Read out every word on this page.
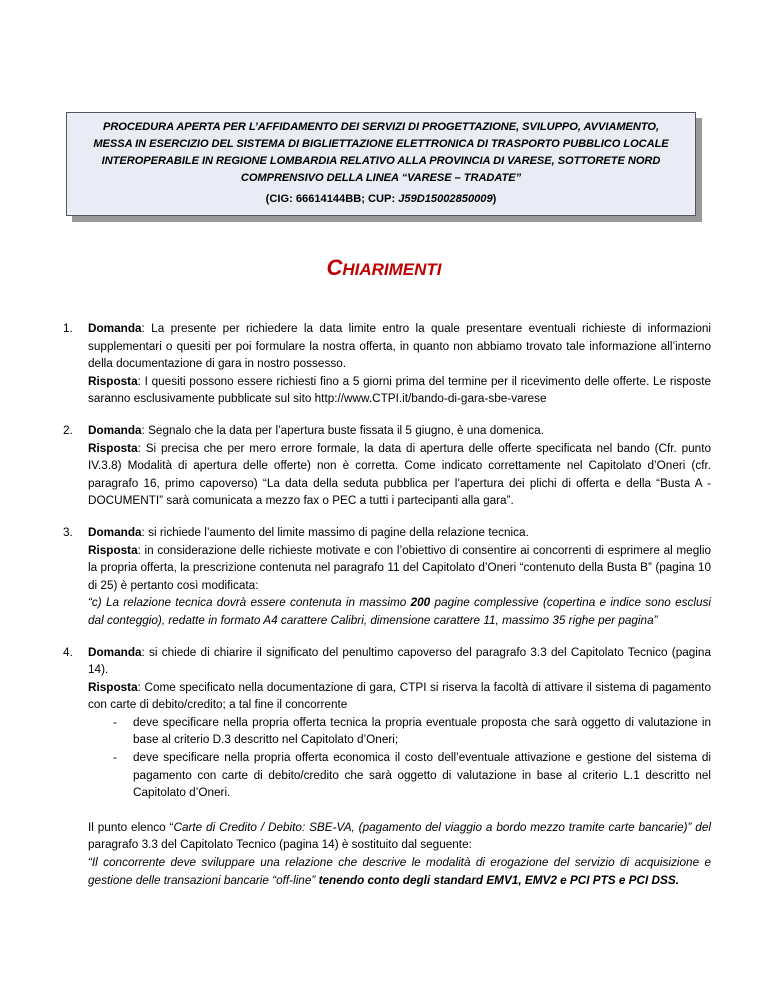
PROCEDURA APERTA PER L’AFFIDAMENTO DEI SERVIZI DI PROGETTAZIONE, SVILUPPO, AVVIAMENTO,
MESSA IN ESERCIZIO DEL SISTEMA DI BIGLIETTAZIONE ELETTRONICA DI TRASPORTO PUBBLICO LOCALE
INTEROPERABILE IN REGIONE LOMBARDIA RELATIVO ALLA PROVINCIA DI VARESE, SOTTORETE NORD
COMPRENSIVO DELLA LINEA “VARESE – TRADATE”
(CIG: 66614144BB; CUP: J59D15002850009)
CHIARIMENTI
1. Domanda: La presente per richiedere la data limite entro la quale presentare eventuali richieste di informazioni supplementari o quesiti per poi formulare la nostra offerta, in quanto non abbiamo trovato tale informazione all’interno della documentazione di gara in nostro possesso.

Risposta: I quesiti possono essere richiesti fino a 5 giorni prima del termine per il ricevimento delle offerte. Le risposte saranno esclusivamente pubblicate sul sito http://www.CTPI.it/bando-di-gara-sbe-varese

2. Domanda: Segnalo che la data per l’apertura buste fissata il 5 giugno, è una domenica.

Risposta: Si precisa che per mero errore formale, la data di apertura delle offerte specificata nel bando (Cfr. punto IV.3.8) Modalità di apertura delle offerte) non è corretta. Come indicato correttamente nel Capitolato d’Oneri (cfr. paragrafo 16, primo capoverso) “La data della seduta pubblica per l’apertura dei plichi di offerta e della “Busta A - DOCUMENTI” sarà comunicata a mezzo fax o PEC a tutti i partecipanti alla gara”.

3. Domanda: si richiede l’aumento del limite massimo di pagine della relazione tecnica.

Risposta: in considerazione delle richieste motivate e con l’obiettivo di consentire ai concorrenti di esprimere al meglio la propria offerta, la prescrizione contenuta nel paragrafo 11 del Capitolato d’Oneri “contenuto della Busta B” (pagina 10 di 25) è pertanto così modificata:

“c) La relazione tecnica dovrà essere contenuta in massimo 200 pagine complessive (copertina e indice sono esclusi dal conteggio), redatte in formato A4 carattere Calibri, dimensione carattere 11, massimo 35 righe per pagina”

4. Domanda: si chiede di chiarire il significato del penultimo capoverso del paragrafo 3.3 del Capitolato Tecnico (pagina 14).

Risposta: Come specificato nella documentazione di gara, CTPI si riserva la facoltà di attivare il sistema di pagamento con carte di debito/credito; a tal fine il concorrente

- deve specificare nella propria offerta tecnica la propria eventuale proposta che sarà oggetto di valutazione in base al criterio D.3 descritto nel Capitolato d’Oneri;

- deve specificare nella propria offerta economica il costo dell’eventuale attivazione e gestione del sistema di pagamento con carte di debito/credito che sarà oggetto di valutazione in base al criterio L.1 descritto nel Capitolato d’Oneri.

Il punto elenco “Carte di Credito / Debito: SBE-VA, (pagamento del viaggio a bordo mezzo tramite carte bancarie)” del paragrafo 3.3 del Capitolato Tecnico (pagina 14) è sostituito dal seguente:

“Il concorrente deve sviluppare una relazione che descrive le modalità di erogazione del servizio di acquisizione e gestione delle transazioni bancarie “off-line” tenendo conto degli standard EMV1, EMV2 e PCI PTS e PCI DSS.
